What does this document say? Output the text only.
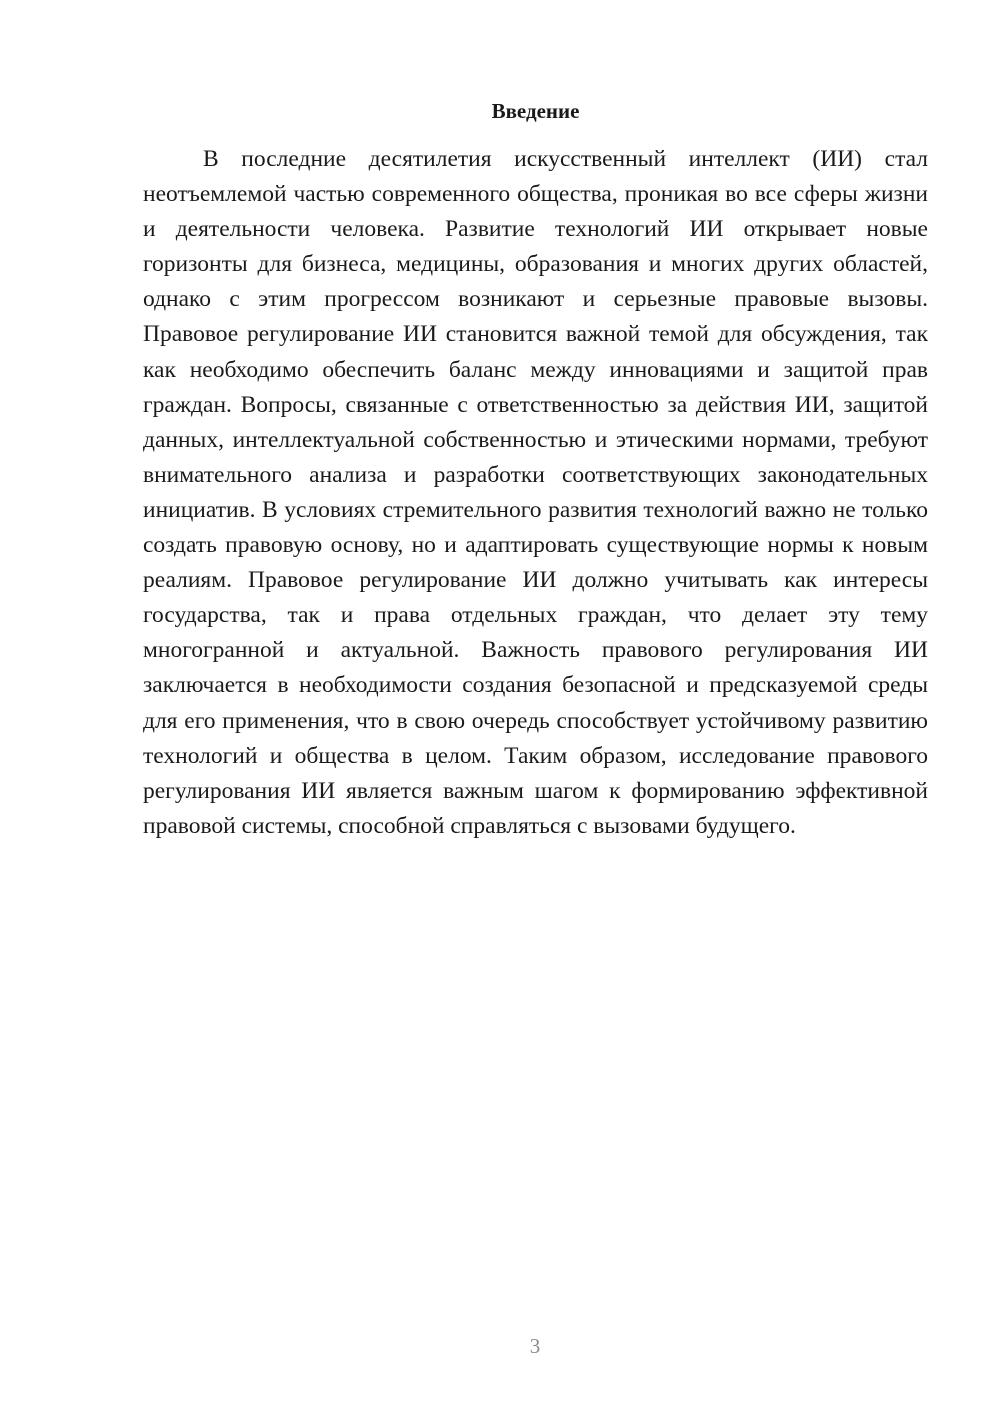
Введение

В последние десятилетия искусственный интеллект (ИИ) стал неотъемлемой частью современного общества, проникая во все сферы жизни и деятельности человека. Развитие технологий ИИ открывает новые горизонты для бизнеса, медицины, образования и многих других областей, однако с этим прогрессом возникают и серьезные правовые вызовы. Правовое регулирование ИИ становится важной темой для обсуждения, так как необходимо обеспечить баланс между инновациями и защитой прав граждан. Вопросы, связанные с ответственностью за действия ИИ, защитой данных, интеллектуальной собственностью и этическими нормами, требуют внимательного анализа и разработки соответствующих законодательных инициатив. В условиях стремительного развития технологий важно не только создать правовую основу, но и адаптировать существующие нормы к новым реалиям. Правовое регулирование ИИ должно учитывать как интересы государства, так и права отдельных граждан, что делает эту тему многогранной и актуальной. Важность правового регулирования ИИ заключается в необходимости создания безопасной и предсказуемой среды для его применения, что в свою очередь способствует устойчивому развитию технологий и общества в целом. Таким образом, исследование правового регулирования ИИ является важным шагом к формированию эффективной правовой системы, способной справляться с вызовами будущего.

3
